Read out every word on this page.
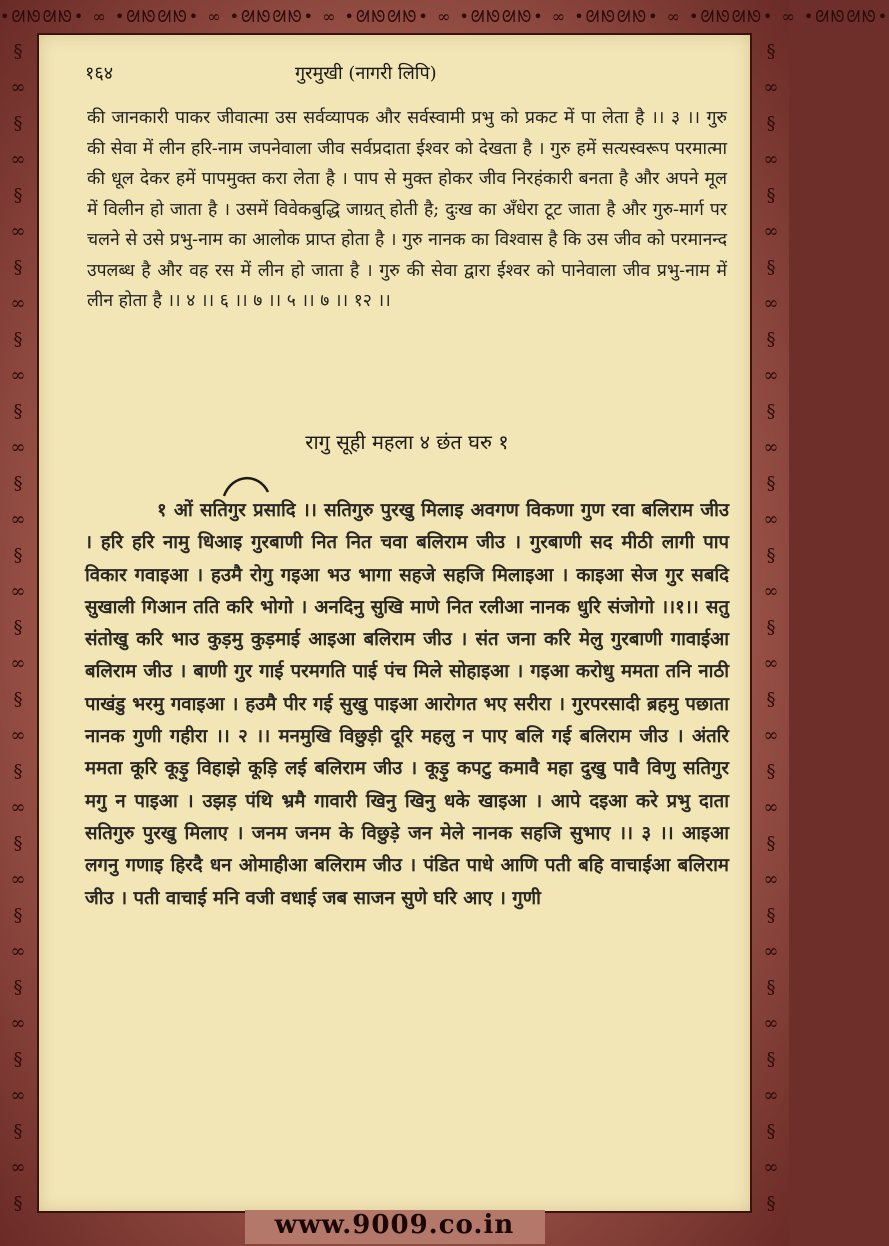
•ᘛᘚᘛᘚ• ∞ •ᘛᘚᘛᘚ• ∞ •ᘛᘚᘛᘚ• ∞ •ᘛᘚᘛᘚ• ∞ •ᘛᘚᘛᘚ• ∞ •ᘛᘚᘛᘚ• ∞ •ᘛᘚᘛᘚ• ∞ •ᘛᘚᘛᘚ•
§
∞
§
∞
§
∞
§
∞
§
∞
§
∞
§
∞
§
∞
§
∞
§
∞
§
∞
§
∞
§
∞
§
∞
§
∞
§
∞
§
§
∞
§
∞
§
∞
§
∞
§
∞
§
∞
§
∞
§
∞
§
∞
§
∞
§
∞
§
∞
§
∞
§
∞
§
∞
§
∞
§
१६४	गुरमुखी (नागरी लिपि)

की जानकारी पाकर जीवात्मा उस सर्वव्यापक और सर्वस्वामी प्रभु को प्रकट में पा लेता है ।। ३ ।। गुरु की सेवा में लीन हरि-नाम जपनेवाला जीव सर्वप्रदाता ईश्वर को देखता है । गुरु हमें सत्यस्वरूप परमात्मा की धूल देकर हमें पापमुक्त करा लेता है । पाप से मुक्त होकर जीव निरहंकारी बनता है और अपने मूल में विलीन हो जाता है । उसमें विवेकबुद्धि जाग्रत् होती है; दुःख का अँधेरा टूट जाता है और गुरु-मार्ग पर चलने से उसे प्रभु-नाम का आलोक प्राप्त होता है । गुरु नानक का विश्वास है कि उस जीव को परमानन्द उपलब्ध है और वह रस में लीन हो जाता है । गुरु की सेवा द्वारा ईश्वर को पानेवाला जीव प्रभु-नाम में लीन होता है ।। ४ ।। ६ ।। ७ ।। ५ ।। ७ ।। १२ ।।

रागु सूही महला ४ छंत घरु १

१ ओं सतिगुर प्रसादि ।। सतिगुरु पुरखु मिलाइ अवगण विकणा गुण रवा बलिराम जीउ । हरि हरि नामु धिआइ गुरबाणी नित नित चवा बलिराम जीउ । गुरबाणी सद मीठी लागी पाप विकार गवाइआ । हउमै रोगु गइआ भउ भागा सहजे सहजि मिलाइआ । काइआ सेज गुर सबदि सुखाली गिआन तति करि भोगो । अनदिनु सुखि माणे नित रलीआ नानक धुरि संजोगो ।।१।। सतु संतोखु करि भाउ कुड़मु कुड़माई आइआ बलिराम जीउ । संत जना करि मेलु गुरबाणी गावाईआ बलिराम जीउ । बाणी गुर गाई परमगति पाई पंच मिले सोहाइआ । गइआ करोधु ममता तनि नाठी पाखंडु भरमु गवाइआ । हउमै पीर गई सुखु पाइआ आरोगत भए सरीरा । गुरपरसादी ब्रहमु पछाता नानक गुणी गहीरा ।। २ ।। मनमुखि विछुड़ी दूरि महलु न पाए बलि गई बलिराम जीउ । अंतरि ममता कूरि कूड़ु विहाझे कूड़ि लई बलिराम जीउ । कूड़ु कपटु कमावै महा दुखु पावै विणु सतिगुर मगु न पाइआ । उझड़ पंथि भ्रमै गावारी खिनु खिनु धके खाइआ । आपे दइआ करे प्रभु दाता सतिगुरु पुरखु मिलाए । जनम जनम के विछुड़े जन मेले नानक सहजि सुभाए ।। ३ ।। आइआ लगनु गणाइ हिरदै धन ओमाहीआ बलिराम जीउ । पंडित पाधे आणि पती बहि वाचाईआ बलिराम जीउ । पती वाचाई मनि वजी वधाई जब साजन सुणे घरि आए । गुणी

www.9009.co.in
